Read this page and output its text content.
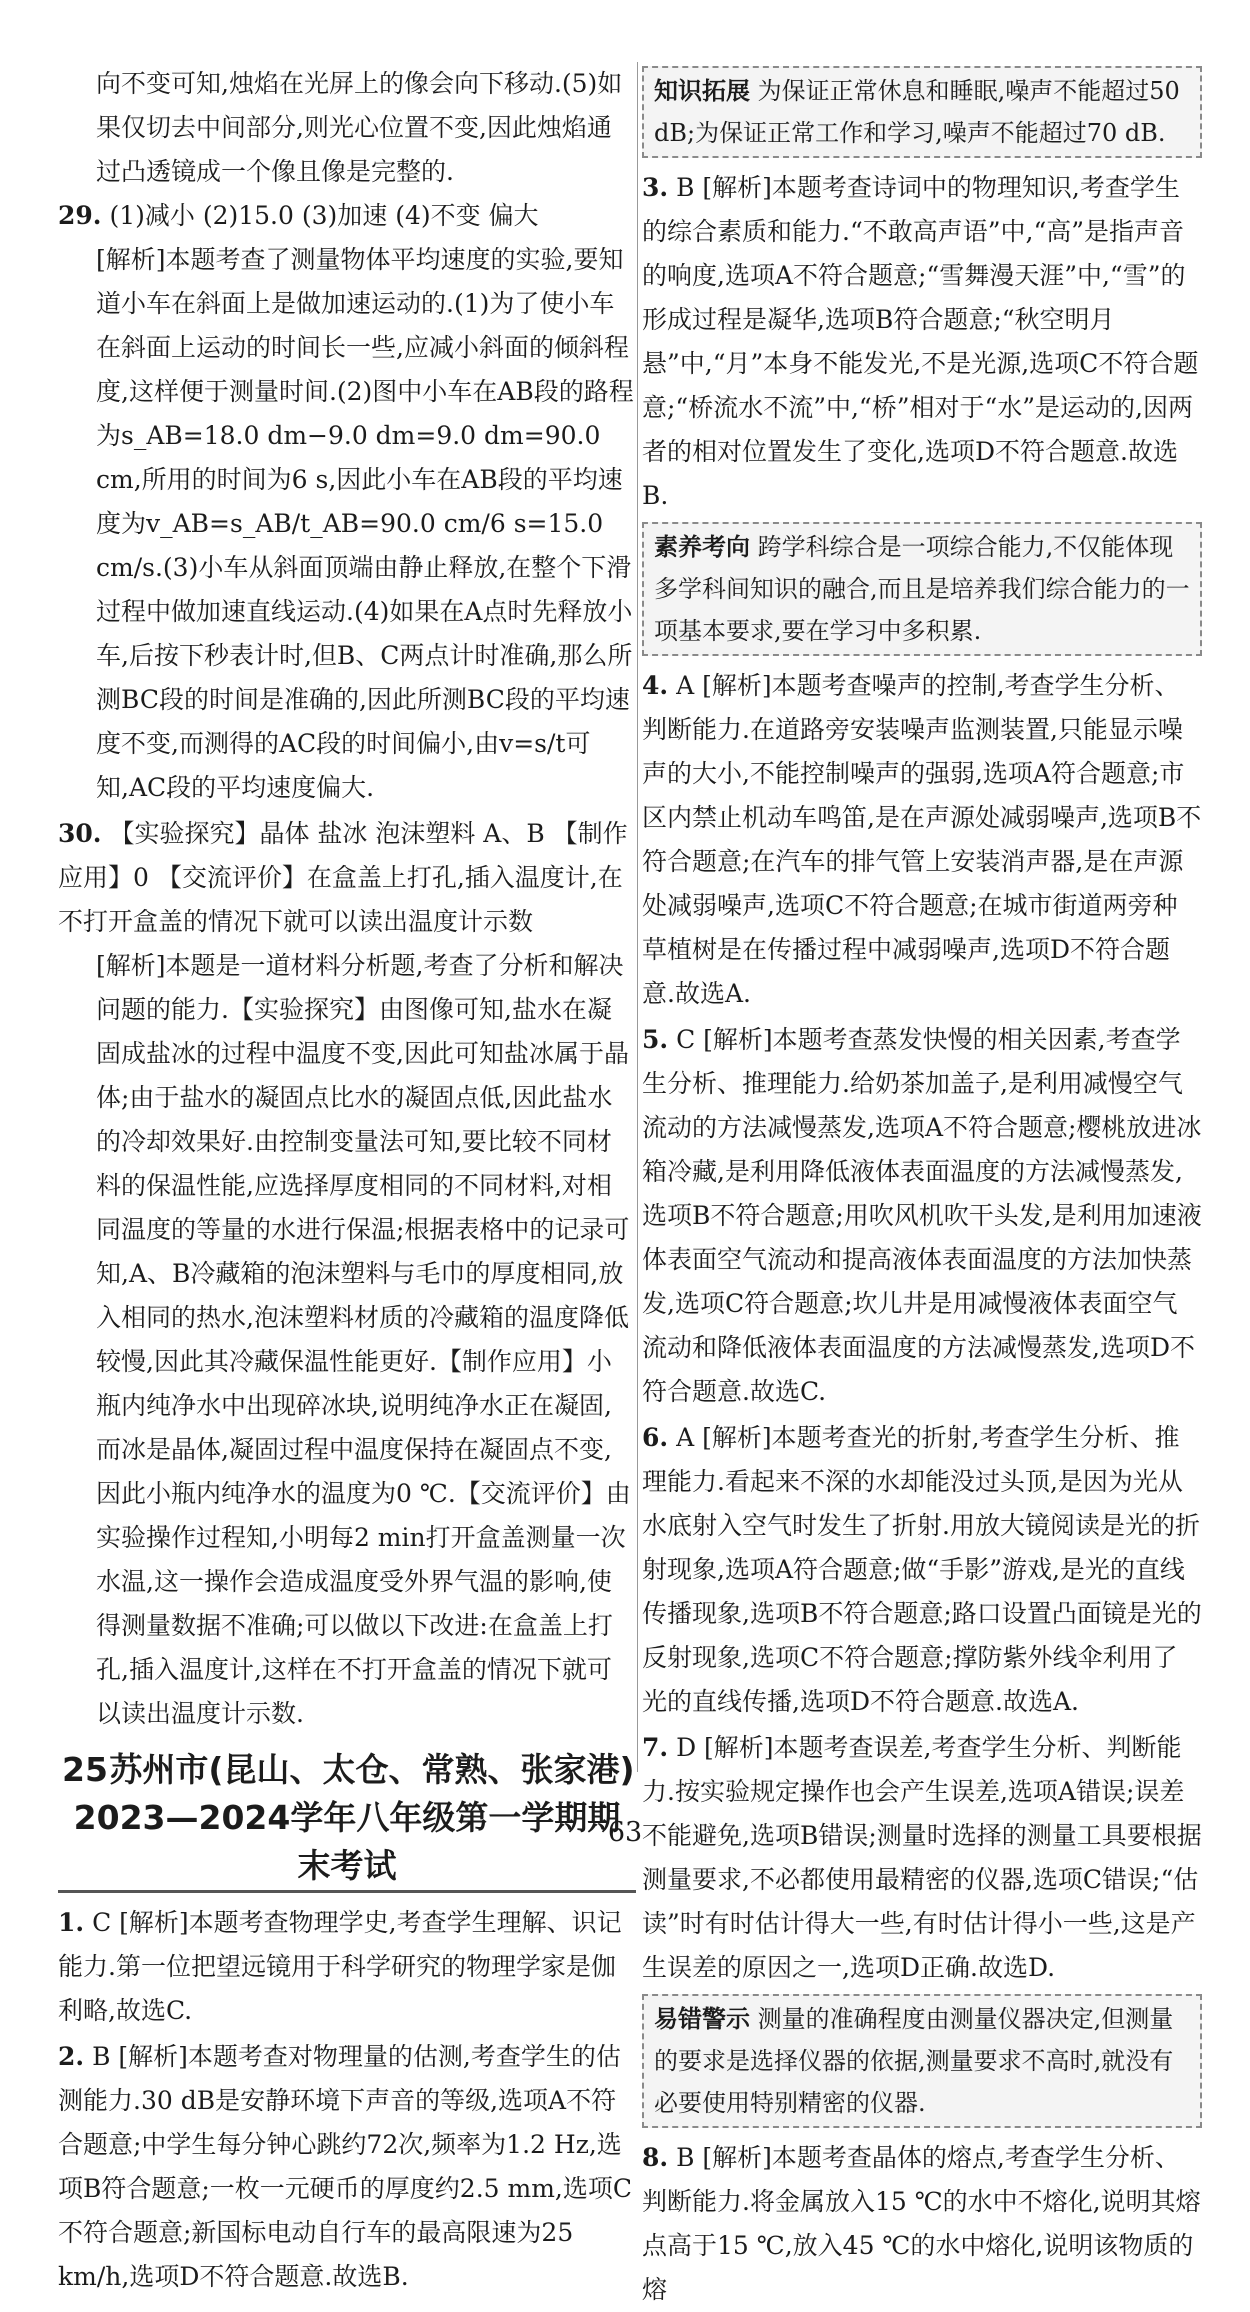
向不变可知,烛焰在光屏上的像会向下移动.(5)如果仅切去中间部分,则光心位置不变,因此烛焰通过凸透镜成一个像且像是完整的.

29. (1)减小 (2)15.0 (3)加速 (4)不变 偏大

[解析]本题考查了测量物体平均速度的实验,要知道小车在斜面上是做加速运动的.(1)为了使小车在斜面上运动的时间长一些,应减小斜面的倾斜程度,这样便于测量时间.(2)图中小车在AB段的路程为s_AB=18.0 dm−9.0 dm=9.0 dm=90.0 cm,所用的时间为6 s,因此小车在AB段的平均速度为v_AB=s_AB/t_AB=90.0 cm/6 s=15.0 cm/s.(3)小车从斜面顶端由静止释放,在整个下滑过程中做加速直线运动.(4)如果在A点时先释放小车,后按下秒表计时,但B、C两点计时准确,那么所测BC段的时间是准确的,因此所测BC段的平均速度不变,而测得的AC段的时间偏小,由v=s/t可知,AC段的平均速度偏大.

30. 【实验探究】晶体 盐冰 泡沫塑料 A、B 【制作应用】0 【交流评价】在盒盖上打孔,插入温度计,在不打开盒盖的情况下就可以读出温度计示数

[解析]本题是一道材料分析题,考查了分析和解决问题的能力.【实验探究】由图像可知,盐水在凝固成盐冰的过程中温度不变,因此可知盐冰属于晶体;由于盐水的凝固点比水的凝固点低,因此盐水的冷却效果好.由控制变量法可知,要比较不同材料的保温性能,应选择厚度相同的不同材料,对相同温度的等量的水进行保温;根据表格中的记录可知,A、B冷藏箱的泡沫塑料与毛巾的厚度相同,放入相同的热水,泡沫塑料材质的冷藏箱的温度降低较慢,因此其冷藏保温性能更好.【制作应用】小瓶内纯净水中出现碎冰块,说明纯净水正在凝固,而冰是晶体,凝固过程中温度保持在凝固点不变,因此小瓶内纯净水的温度为0 ℃.【交流评价】由实验操作过程知,小明每2 min打开盒盖测量一次水温,这一操作会造成温度受外界气温的影响,使得测量数据不准确;可以做以下改进:在盒盖上打孔,插入温度计,这样在不打开盒盖的情况下就可以读出温度计示数.

25 苏州市(昆山、太仓、常熟、张家港)
2023—2024学年八年级第一学期期末考试
1. C [解析]本题考查物理学史,考查学生理解、识记能力.第一位把望远镜用于科学研究的物理学家是伽利略,故选C.
2. B [解析]本题考查对物理量的估测,考查学生的估测能力.30 dB是安静环境下声音的等级,选项A不符合题意;中学生每分钟心跳约72次,频率为1.2 Hz,选项B符合题意;一枚一元硬币的厚度约2.5 mm,选项C不符合题意;新国标电动自行车的最高限速为25 km/h,选项D不符合题意.故选B.
知识拓展 为保证正常休息和睡眠,噪声不能超过50 dB;为保证正常工作和学习,噪声不能超过70 dB.
3. B [解析]本题考查诗词中的物理知识,考查学生的综合素质和能力.“不敢高声语”中,“高”是指声音的响度,选项A不符合题意;“雪舞漫天涯”中,“雪”的形成过程是凝华,选项B符合题意;“秋空明月悬”中,“月”本身不能发光,不是光源,选项C不符合题意;“桥流水不流”中,“桥”相对于“水”是运动的,因两者的相对位置发生了变化,选项D不符合题意.故选B.
素养考向 跨学科综合是一项综合能力,不仅能体现多学科间知识的融合,而且是培养我们综合能力的一项基本要求,要在学习中多积累.
4. A [解析]本题考查噪声的控制,考查学生分析、判断能力.在道路旁安装噪声监测装置,只能显示噪声的大小,不能控制噪声的强弱,选项A符合题意;市区内禁止机动车鸣笛,是在声源处减弱噪声,选项B不符合题意;在汽车的排气管上安装消声器,是在声源处减弱噪声,选项C不符合题意;在城市街道两旁种草植树是在传播过程中减弱噪声,选项D不符合题意.故选A.
5. C [解析]本题考查蒸发快慢的相关因素,考查学生分析、推理能力.给奶茶加盖子,是利用减慢空气流动的方法减慢蒸发,选项A不符合题意;樱桃放进冰箱冷藏,是利用降低液体表面温度的方法减慢蒸发,选项B不符合题意;用吹风机吹干头发,是利用加速液体表面空气流动和提高液体表面温度的方法加快蒸发,选项C符合题意;坎儿井是用减慢液体表面空气流动和降低液体表面温度的方法减慢蒸发,选项D不符合题意.故选C.
6. A [解析]本题考查光的折射,考查学生分析、推理能力.看起来不深的水却能没过头顶,是因为光从水底射入空气时发生了折射.用放大镜阅读是光的折射现象,选项A符合题意;做“手影”游戏,是光的直线传播现象,选项B不符合题意;路口设置凸面镜是光的反射现象,选项C不符合题意;撑防紫外线伞利用了光的直线传播,选项D不符合题意.故选A.
7. D [解析]本题考查误差,考查学生分析、判断能力.按实验规定操作也会产生误差,选项A错误;误差不能避免,选项B错误;测量时选择的测量工具要根据测量要求,不必都使用最精密的仪器,选项C错误;“估读”时有时估计得大一些,有时估计得小一些,这是产生误差的原因之一,选项D正确.故选D.
易错警示 测量的准确程度由测量仪器决定,但测量的要求是选择仪器的依据,测量要求不高时,就没有必要使用特别精密的仪器.
8. B [解析]本题考查晶体的熔点,考查学生分析、判断能力.将金属放入15 ℃的水中不熔化,说明其熔点高于15 ℃,放入45 ℃的水中熔化,说明该物质的熔
63
